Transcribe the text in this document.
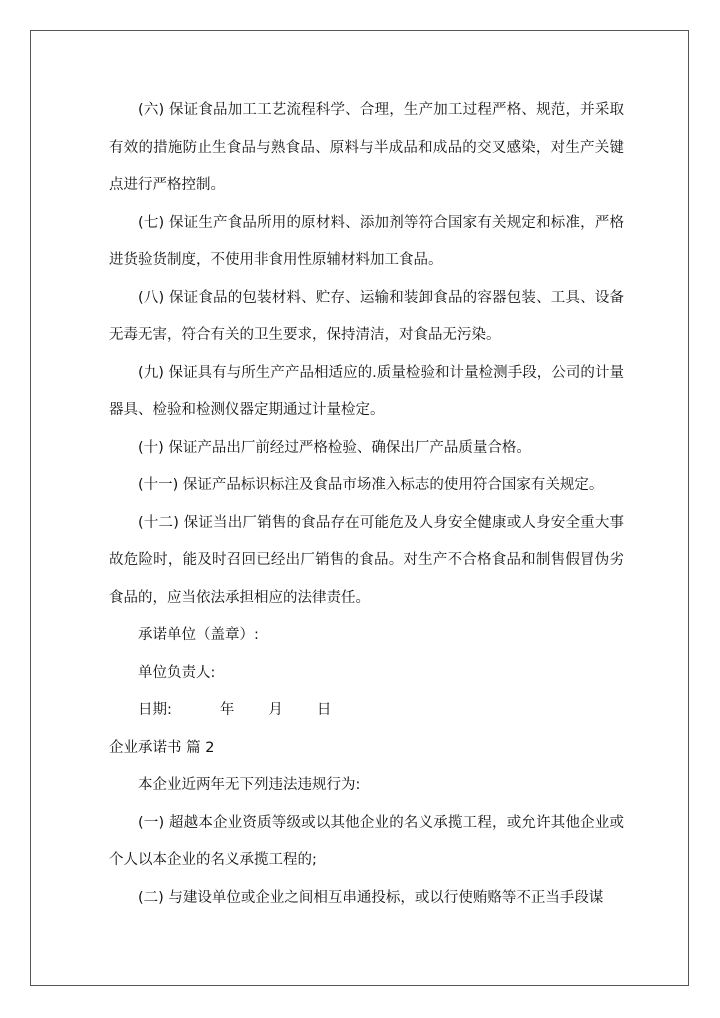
(六) 保证食品加工工艺流程科学、合理，生产加工过程严格、规范，并采取有效的措施防止生食品与熟食品、原料与半成品和成品的交叉感染，对生产关键点进行严格控制。

(七) 保证生产食品所用的原材料、添加剂等符合国家有关规定和标准，严格进货验货制度，不使用非食用性原辅材料加工食品。

(八) 保证食品的包装材料、贮存、运输和装卸食品的容器包装、工具、设备无毒无害，符合有关的卫生要求，保持清洁，对食品无污染。

(九) 保证具有与所生产产品相适应的.质量检验和计量检测手段，公司的计量器具、检验和检测仪器定期通过计量检定。

(十) 保证产品出厂前经过严格检验、确保出厂产品质量合格。

(十一) 保证产品标识标注及食品市场准入标志的使用符合国家有关规定。

(十二) 保证当出厂销售的食品存在可能危及人身安全健康或人身安全重大事故危险时，能及时召回已经出厂销售的食品。对生产不合格食品和制售假冒伪劣食品的，应当依法承担相应的法律责任。

承诺单位（盖章）:

单位负责人:

日期:	年 月 日

企业承诺书 篇 2

本企业近两年无下列违法违规行为:

(一) 超越本企业资质等级或以其他企业的名义承揽工程，或允许其他企业或个人以本企业的名义承揽工程的;

(二) 与建设单位或企业之间相互串通投标，或以行使贿赂等不正当手段谋
